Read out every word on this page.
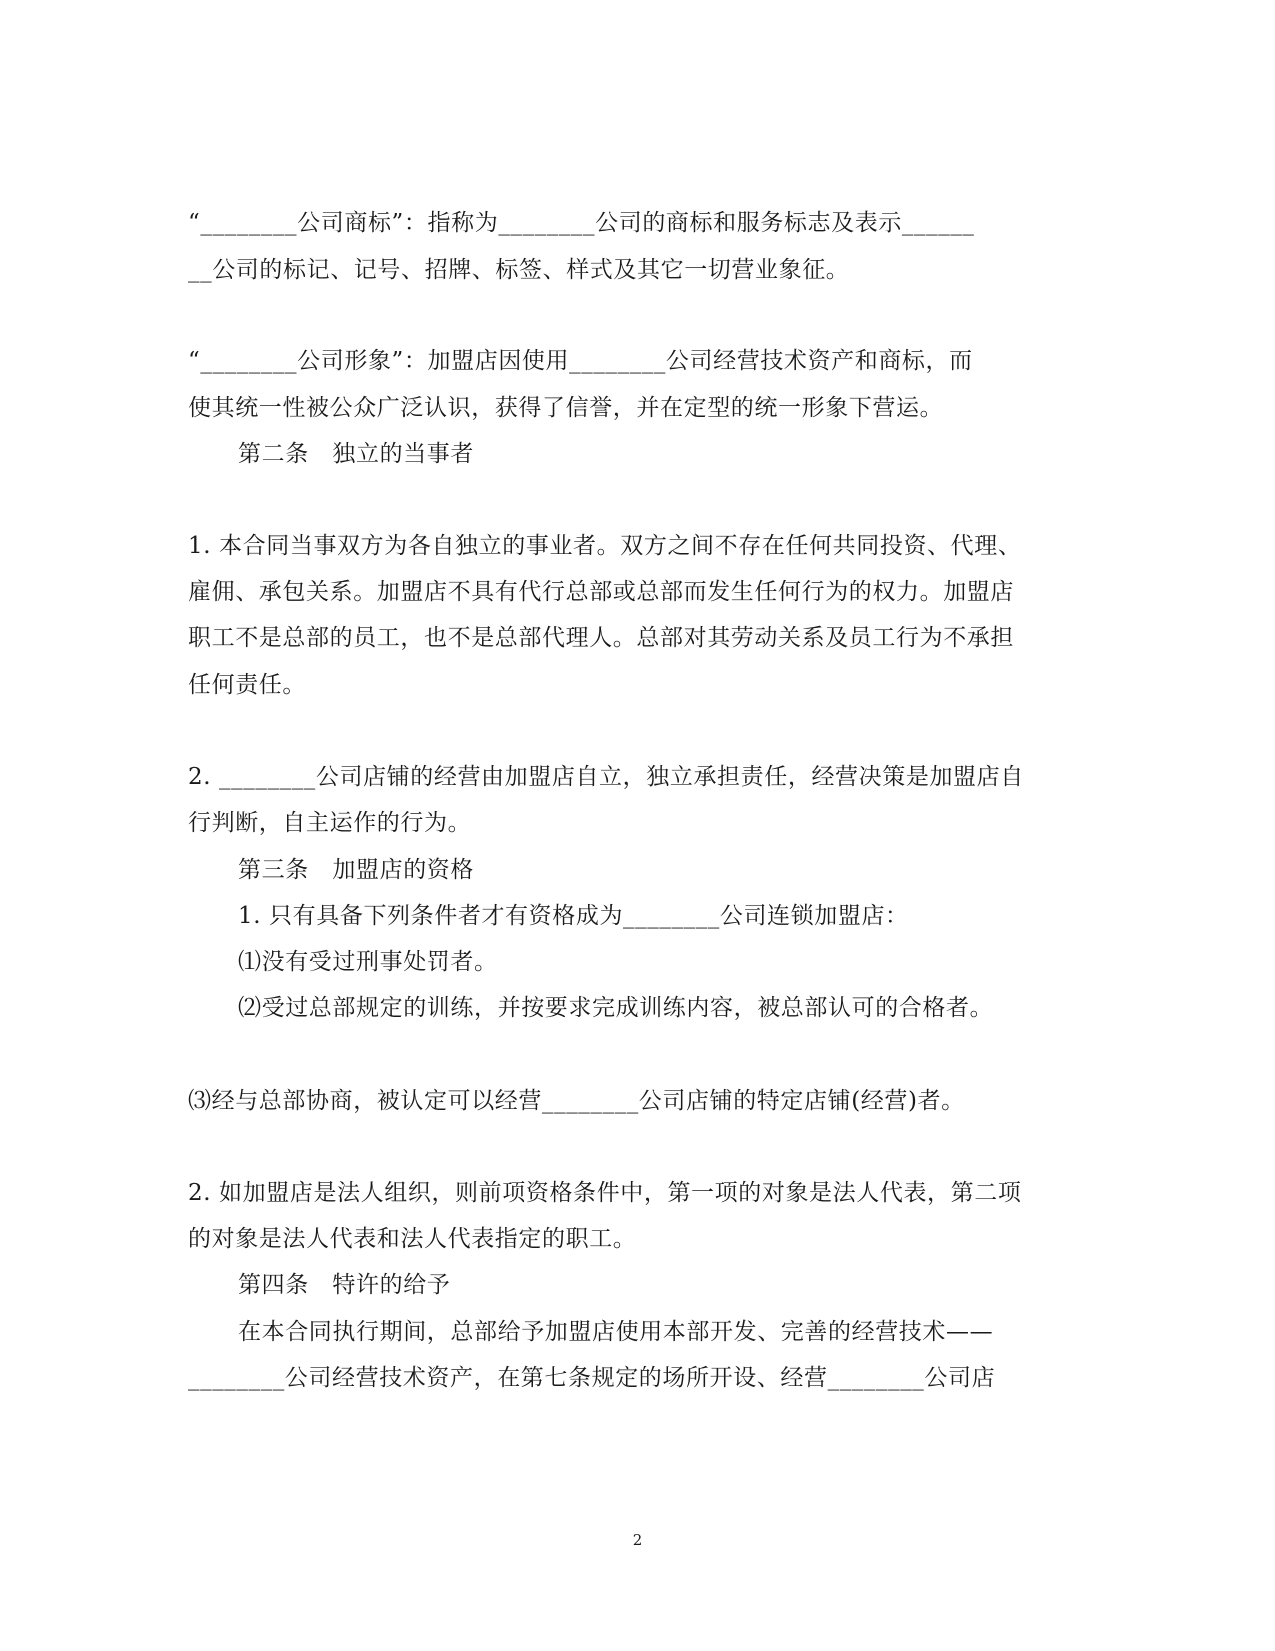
“________公司商标”：指称为________公司的商标和服务标志及表示______
__公司的标记、记号、招牌、标签、样式及其它一切营业象征。
“________公司形象”：加盟店因使用________公司经营技术资产和商标，而
使其统一性被公众广泛认识，获得了信誉，并在定型的统一形象下营运。
第二条　独立的当事者
1. 本合同当事双方为各自独立的事业者。双方之间不存在任何共同投资、代理、
雇佣、承包关系。加盟店不具有代行总部或总部而发生任何行为的权力。加盟店
职工不是总部的员工，也不是总部代理人。总部对其劳动关系及员工行为不承担
任何责任。
2. ________公司店铺的经营由加盟店自立，独立承担责任，经营决策是加盟店自
行判断，自主运作的行为。
第三条　加盟店的资格
1. 只有具备下列条件者才有资格成为________公司连锁加盟店：
⑴没有受过刑事处罚者。
⑵受过总部规定的训练，并按要求完成训练内容，被总部认可的合格者。
⑶经与总部协商，被认定可以经营________公司店铺的特定店铺(经营)者。
2. 如加盟店是法人组织，则前项资格条件中，第一项的对象是法人代表，第二项
的对象是法人代表和法人代表指定的职工。
第四条　特许的给予
在本合同执行期间，总部给予加盟店使用本部开发、完善的经营技术——
________公司经营技术资产，在第七条规定的场所开设、经营________公司店
2
